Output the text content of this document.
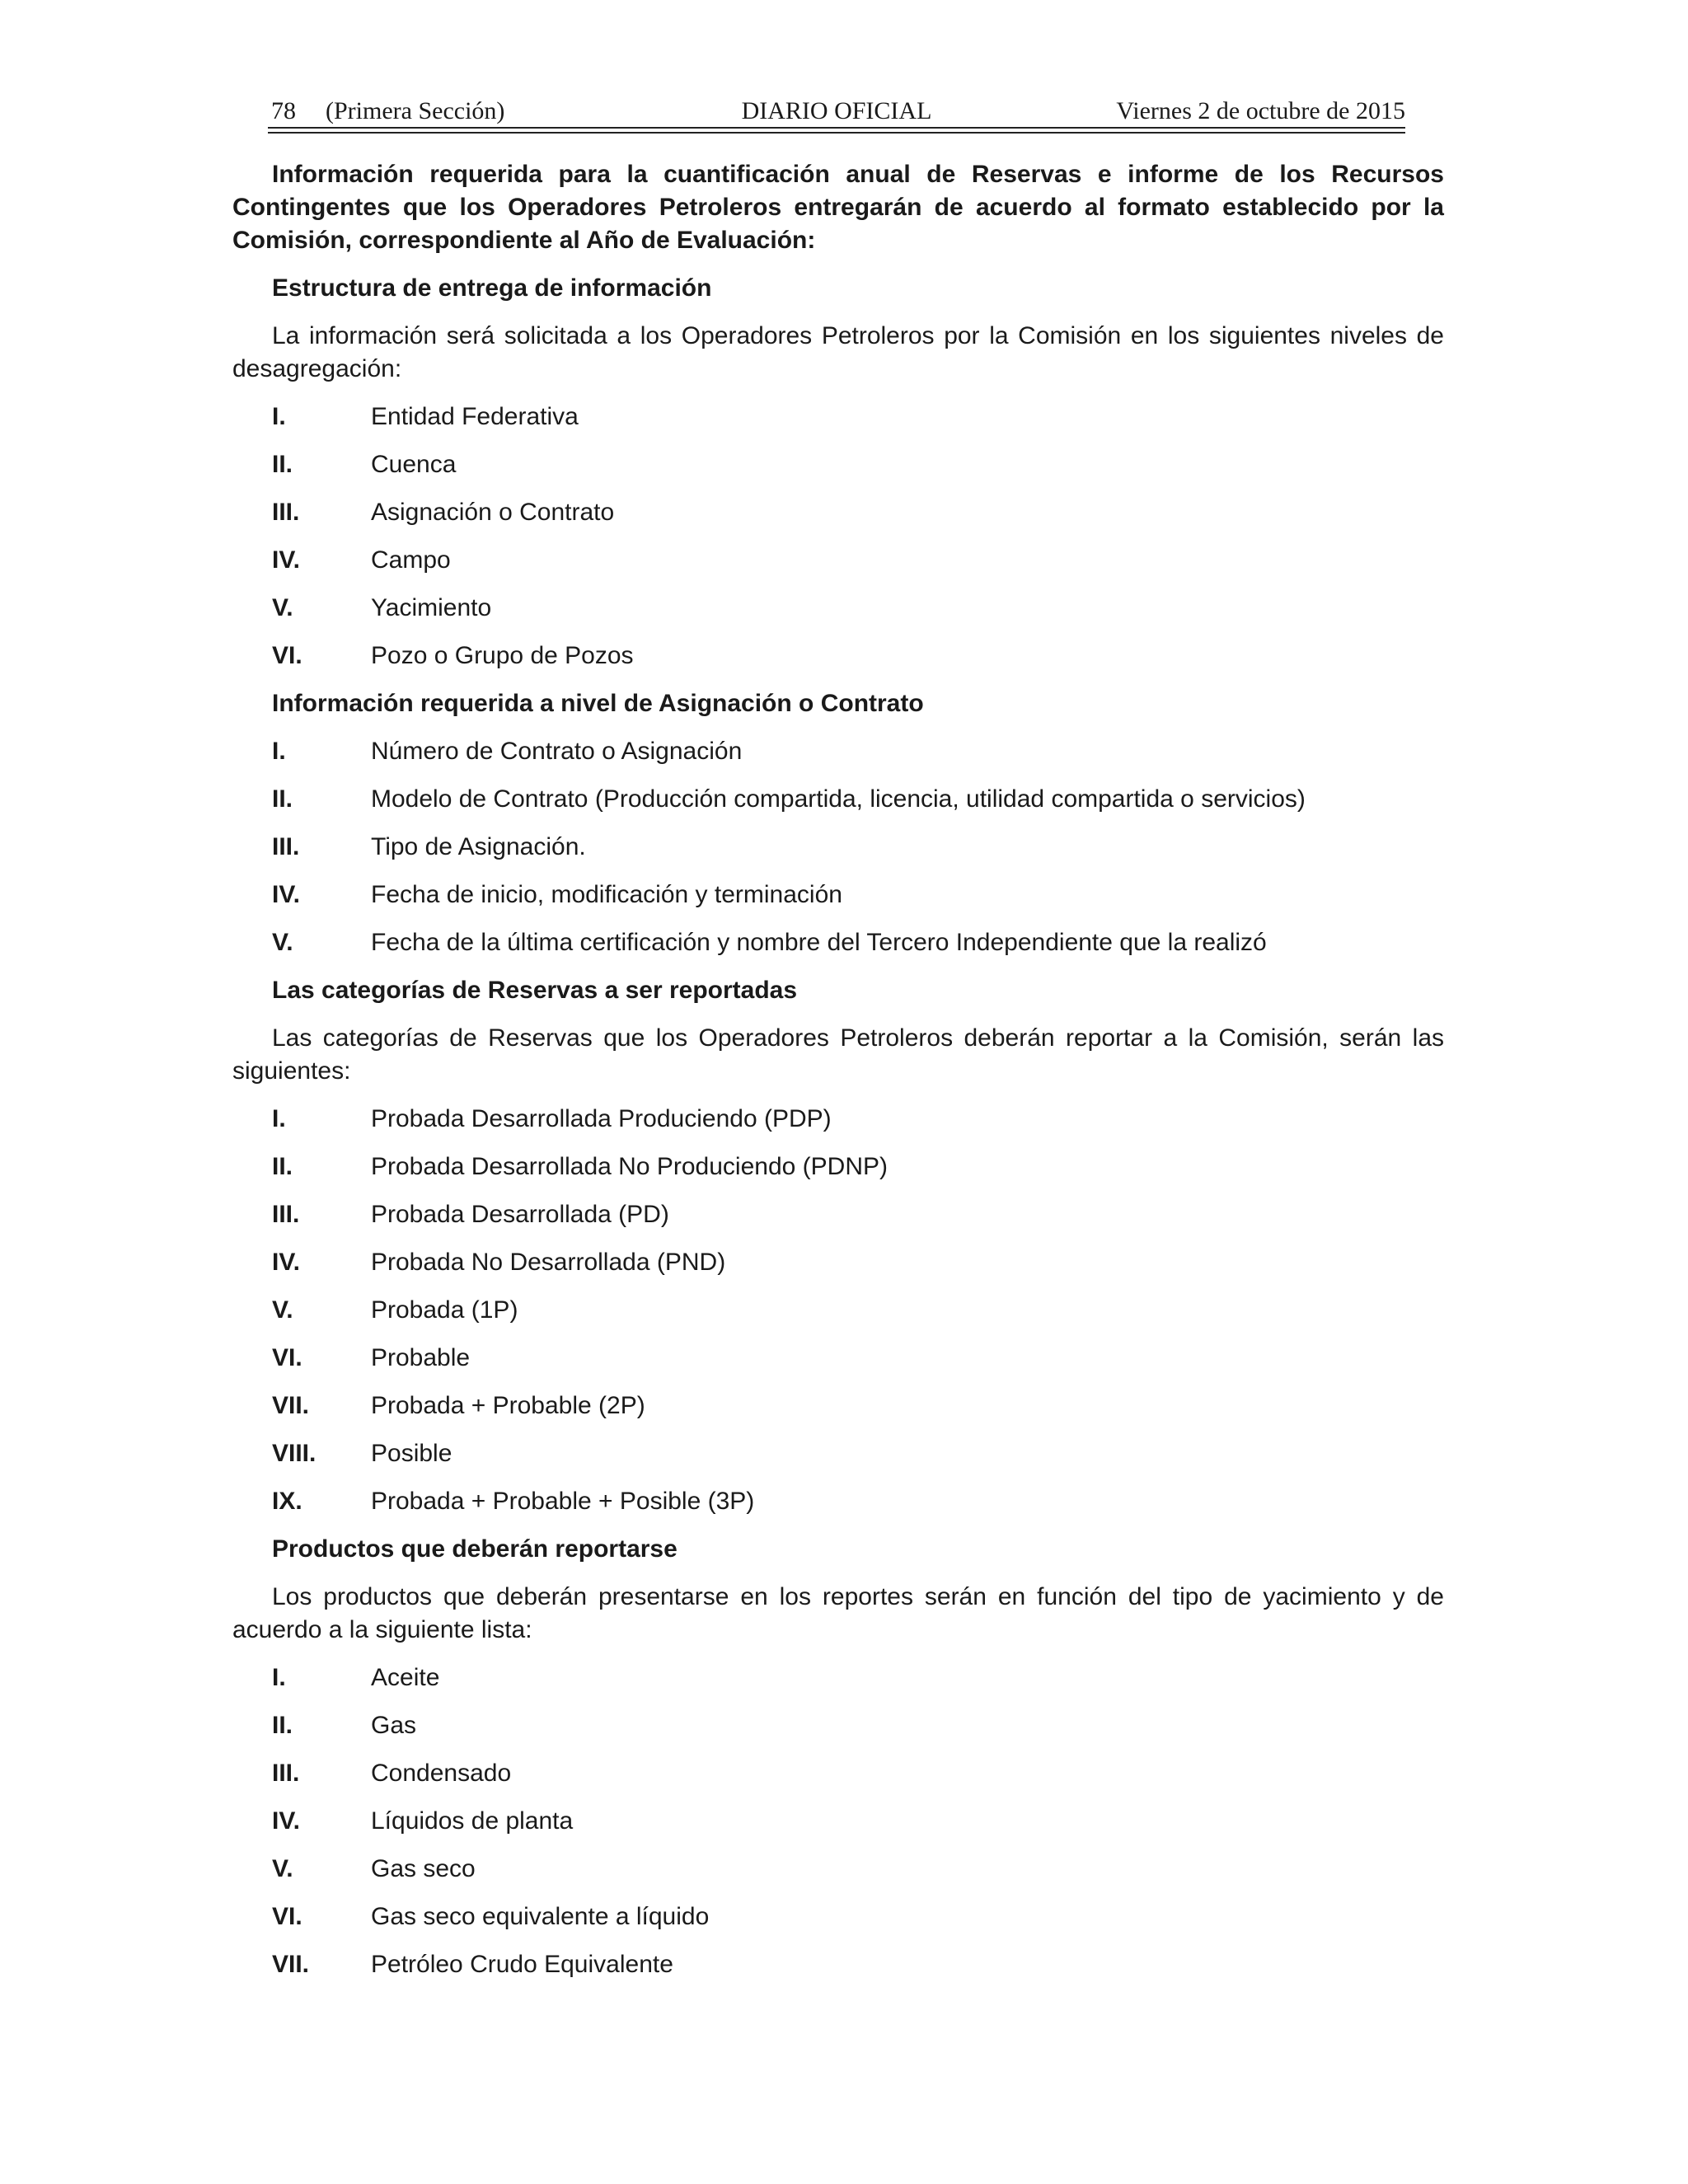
78 (Primera Sección)	DIARIO OFICIAL	Viernes 2 de octubre de 2015

Información requerida para la cuantificación anual de Reservas e informe de los Recursos Contingentes que los Operadores Petroleros entregarán de acuerdo al formato establecido por la Comisión, correspondiente al Año de Evaluación:

Estructura de entrega de información

La información será solicitada a los Operadores Petroleros por la Comisión en los siguientes niveles de desagregación:

I.	Entidad Federativa
II.	Cuenca
III.	Asignación o Contrato
IV.	Campo
V.	Yacimiento
VI.	Pozo o Grupo de Pozos
Información requerida a nivel de Asignación o Contrato
I.	Número de Contrato o Asignación
II.	Modelo de Contrato (Producción compartida, licencia, utilidad compartida o servicios)
III.	Tipo de Asignación.
IV.	Fecha de inicio, modificación y terminación
V.	Fecha de la última certificación y nombre del Tercero Independiente que la realizó
Las categorías de Reservas a ser reportadas

Las categorías de Reservas que los Operadores Petroleros deberán reportar a la Comisión, serán las siguientes:

I.	Probada Desarrollada Produciendo (PDP)
II.	Probada Desarrollada No Produciendo (PDNP)
III.	Probada Desarrollada (PD)
IV.	Probada No Desarrollada (PND)
V.	Probada (1P)
VI.	Probable
VII.	Probada + Probable (2P)
VIII.	Posible
IX.	Probada + Probable + Posible (3P)
Productos que deberán reportarse

Los productos que deberán presentarse en los reportes serán en función del tipo de yacimiento y de acuerdo a la siguiente lista:

I.	Aceite
II.	Gas
III.	Condensado
IV.	Líquidos de planta
V.	Gas seco
VI.	Gas seco equivalente a líquido
VII.	Petróleo Crudo Equivalente
